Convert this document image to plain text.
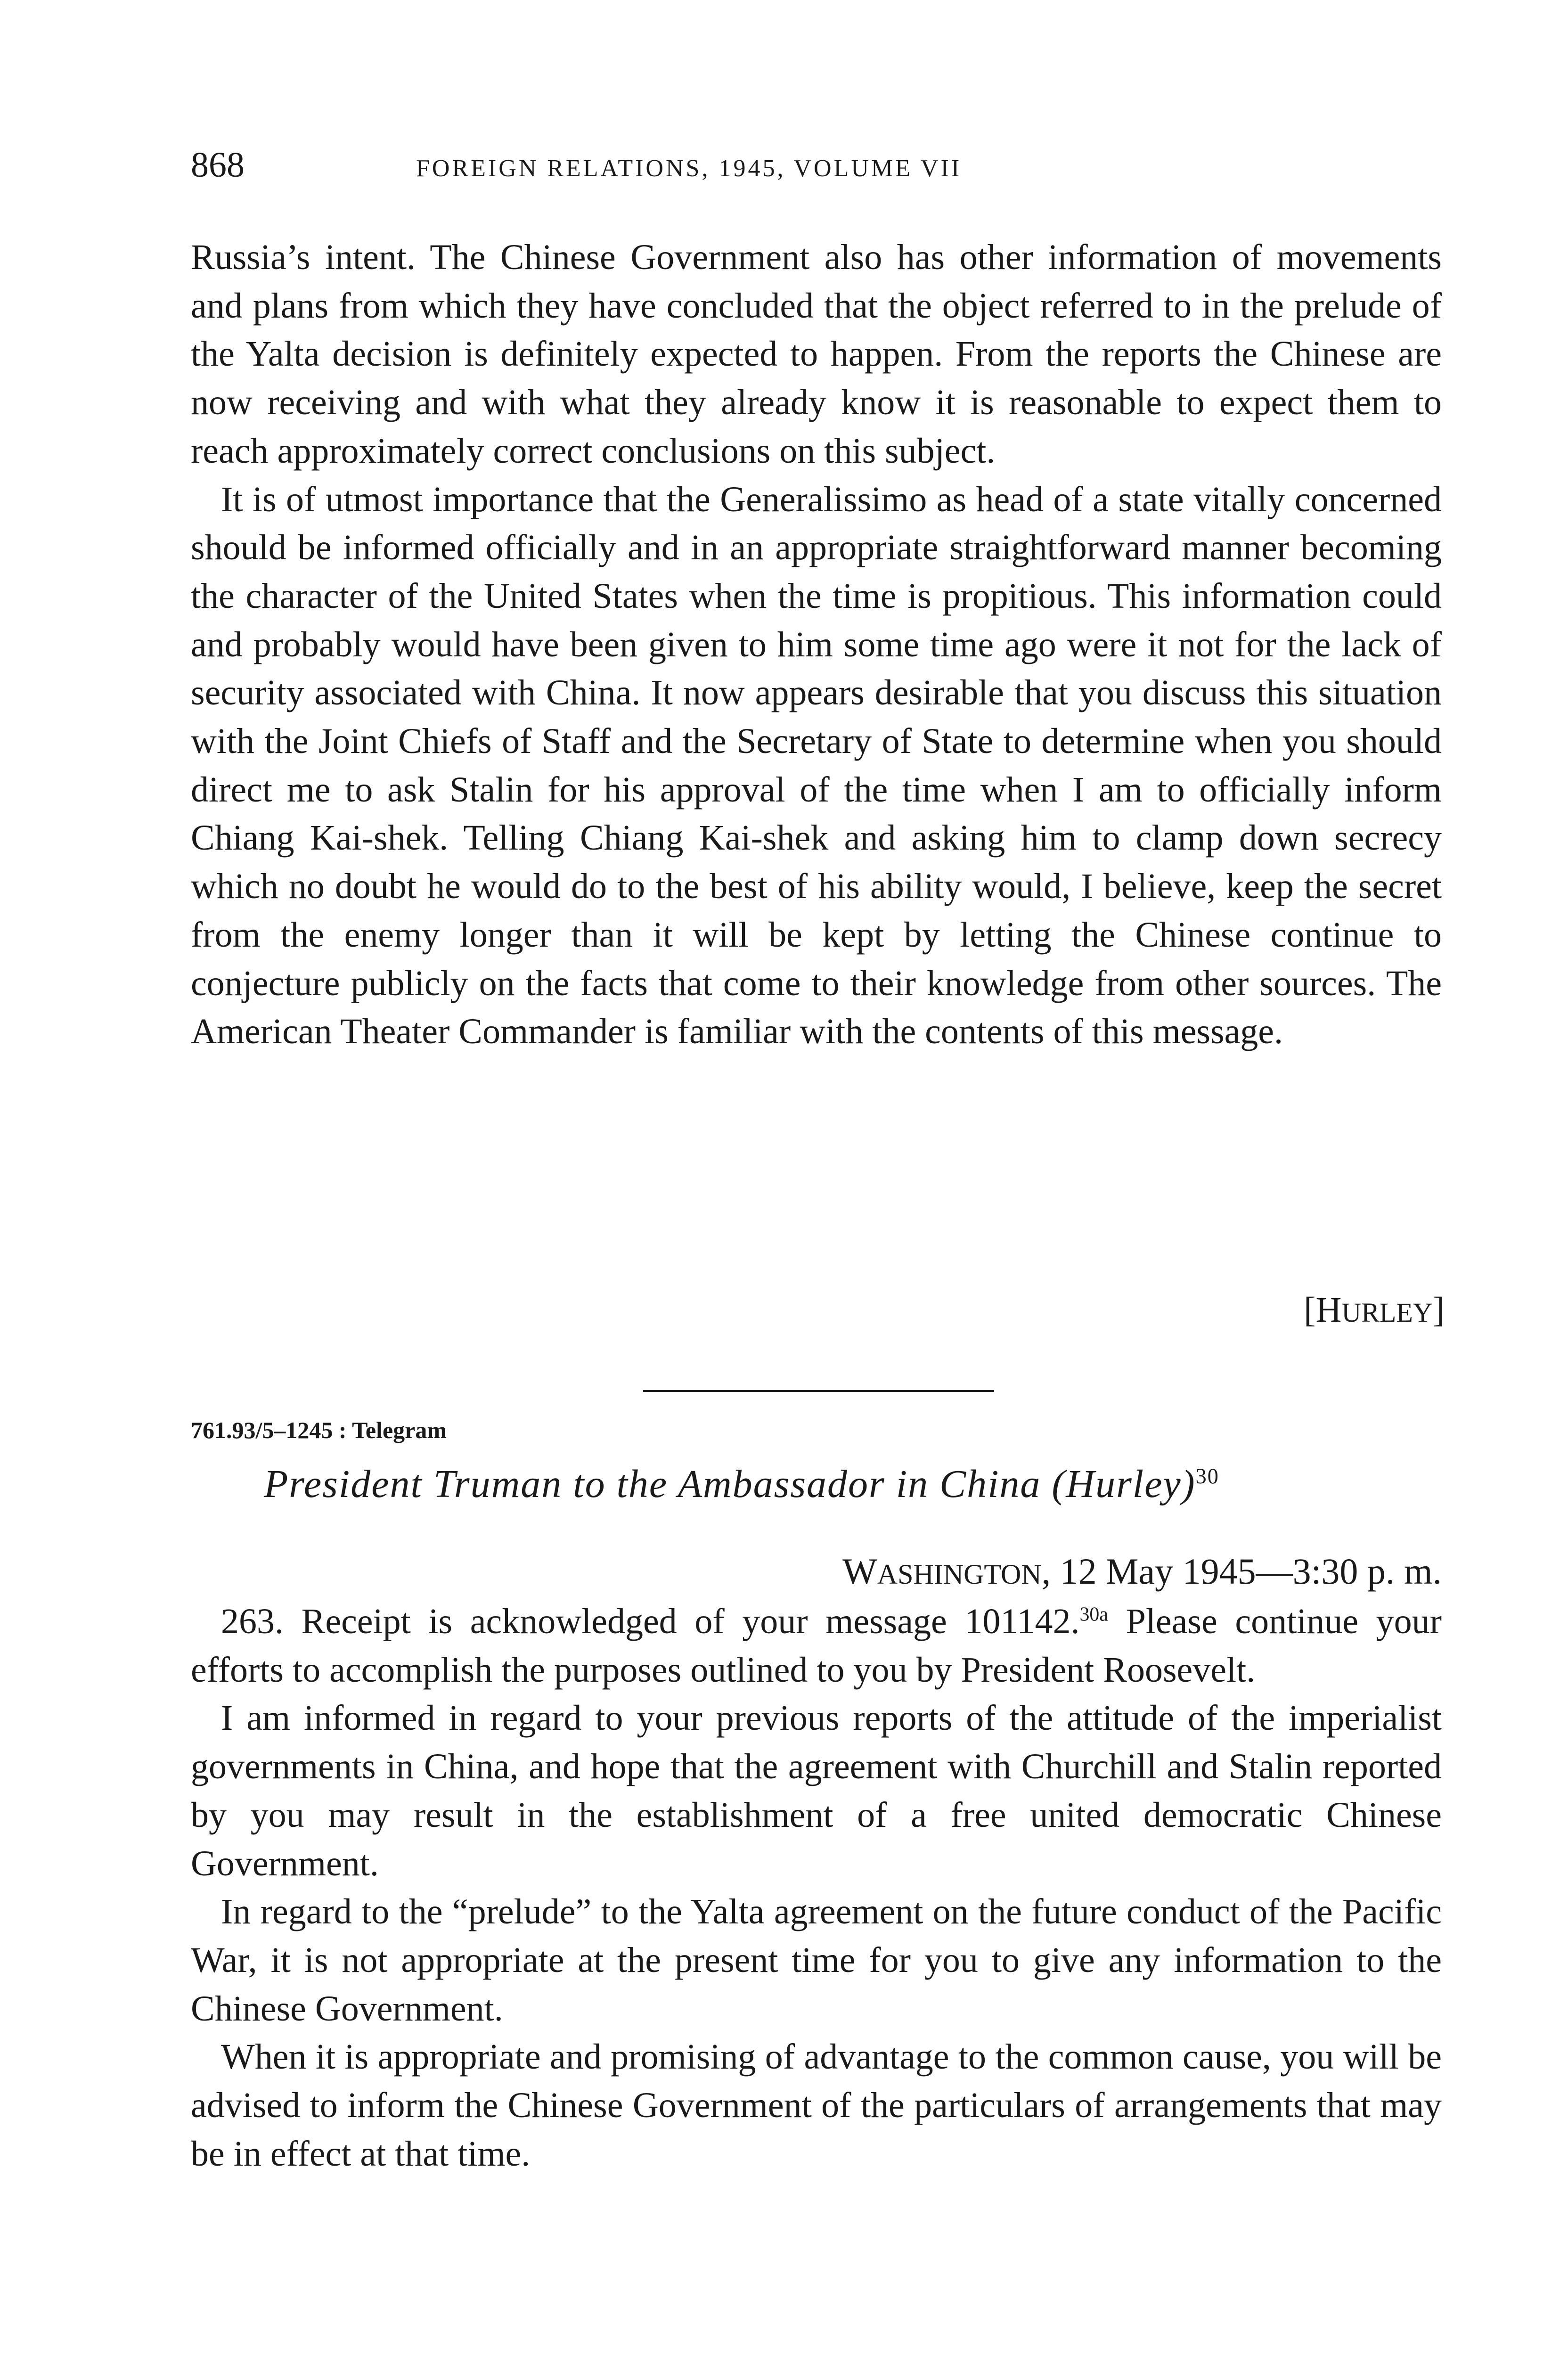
868	FOREIGN RELATIONS, 1945, VOLUME VII

Russia’s intent. The Chinese Government also has other information of movements and plans from which they have concluded that the object referred to in the prelude of the Yalta decision is definitely expected to happen. From the reports the Chinese are now receiving and with what they already know it is reasonable to expect them to reach approximately correct conclusions on this subject.

It is of utmost importance that the Generalissimo as head of a state vitally concerned should be informed officially and in an appropriate straightforward manner becoming the character of the United States when the time is propitious. This information could and probably would have been given to him some time ago were it not for the lack of security associated with China. It now appears desirable that you discuss this situation with the Joint Chiefs of Staff and the Secretary of State to determine when you should direct me to ask Stalin for his approval of the time when I am to officially inform Chiang Kai-shek. Telling Chiang Kai-shek and asking him to clamp down secrecy which no doubt he would do to the best of his ability would, I believe, keep the secret from the enemy longer than it will be kept by letting the Chinese continue to conjecture publicly on the facts that come to their knowledge from other sources. The American Theater Commander is familiar with the contents of this message.

[HURLEY]
761.93/5–1245 : Telegram
President Truman to the Ambassador in China (Hurley)$^{30}$
WASHINGTON, 12 May 1945—3:30 p. m.

263. Receipt is acknowledged of your message 101142.$^{30a}$ Please continue your efforts to accomplish the purposes outlined to you by President Roosevelt.

I am informed in regard to your previous reports of the attitude of the imperialist governments in China, and hope that the agreement with Churchill and Stalin reported by you may result in the establishment of a free united democratic Chinese Government.

In regard to the “prelude” to the Yalta agreement on the future conduct of the Pacific War, it is not appropriate at the present time for you to give any information to the Chinese Government.

When it is appropriate and promising of advantage to the common cause, you will be advised to inform the Chinese Government of the particulars of arrangements that may be in effect at that time.
